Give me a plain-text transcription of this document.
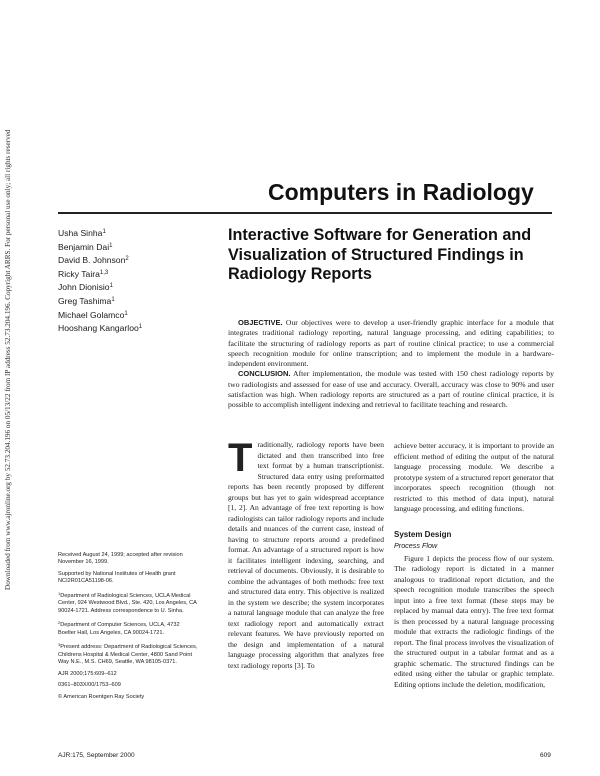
Downloaded from www.ajronline.org by 52.73.204.196 on 05/13/22 from IP address 52.73.204.196. Copyright ARRS. For personal use only; all rights reserved	Computers in Radiology
Usha Sinha$^1$
Benjamin Dai$^1$
David B. Johnson$^2$
Ricky Taira$^{1,3}$
John Dionisio$^1$
Greg Tashima$^1$
Michael Golamco$^1$
Hooshang Kangarloo$^1$
Interactive Software for Generation and Visualization of Structured Findings in Radiology Reports

OBJECTIVE. Our objectives were to develop a user-friendly graphic interface for a module that integrates traditional radiology reporting, natural language processing, and editing capabilities; to facilitate the structuring of radiology reports as part of routine clinical practice; to use a commercial speech recognition module for online transcription; and to implement the module in a hardware-independent environment.

CONCLUSION. After implementation, the module was tested with 150 chest radiology reports by two radiologists and assessed for ease of use and accuracy. Overall, accuracy was close to 90% and user satisfaction was high. When radiology reports are structured as a part of routine clinical practice, it is possible to accomplish intelligent indexing and retrieval to facilitate teaching and research.

Traditionally, radiology reports have been dictated and then transcribed into free text format by a human transcriptionist. Structured data entry using preformatted reports has been recently proposed by different groups but has yet to gain widespread acceptance [1, 2]. An advantage of free text reporting is how radiologists can tailor radiology reports and include details and nuances of the current case, instead of having to structure reports around a predefined format. An advantage of a structured report is how it facilitates intelligent indexing, searching, and retrieval of documents. Obviously, it is desirable to combine the advantages of both methods: free text and structured data entry. This objective is realized in the system we describe; the system incorporates a natural language module that can analyze the free text radiology report and automatically extract relevant features. We have previously reported on the design and implementation of a natural language processing algorithm that analyzes free text radiology reports [3]. To

achieve better accuracy, it is important to provide an efficient method of editing the output of the natural language processing module. We describe a prototype system of a structured report generator that incorporates speech recognition (though not restricted to this method of data input), natural language processing, and editing functions.

System Design
Process Flow

Figure 1 depicts the process flow of our system. The radiology report is dictated in a manner analogous to traditional report dictation, and the speech recognition module transcribes the speech input into a free text format (these steps may be replaced by manual data entry). The free text format is then processed by a natural language processing module that extracts the radiologic findings of the report. The final process involves the visualization of the structured output in a tabular format and as a graphic schematic. The structured findings can be edited using either the tabular or graphic template. Editing options include the deletion, modification,

Received August 24, 1999; accepted after revision November 16, 1999.

Supported by National Institutes of Health grant NCI2R01CA51198-06.

$^1$Department of Radiological Sciences, UCLA Medical Center, 924 Westwood Blvd., Ste. 420, Los Angeles, CA 90024-1721. Address correspondence to U. Sinha.

$^2$Department of Computer Sciences, UCLA, 4732 Boelter Hall, Los Angeles, CA 90024-1721.

$^3$Present address: Department of Radiological Sciences, Childrens Hospital & Medical Center, 4800 Sand Point Way N.E., M.S. CH69, Seattle, WA 98105-0371.

AJR 2000;175:609–612

0361–803X/00/1753–609

© American Roentgen Ray Society

AJR:175, September 2000	609
